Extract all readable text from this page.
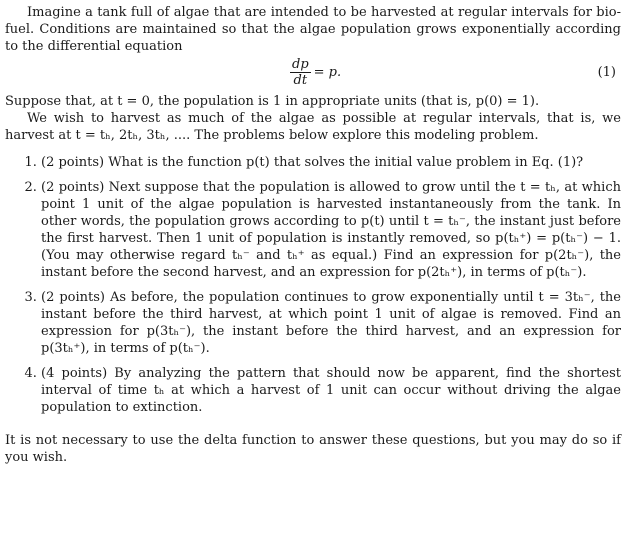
Imagine a tank full of algae that are intended to be harvested at regular intervals for bio-fuel. Conditions are maintained so that the algae population grows exponentially according to the differential equation

$\frac{dp}{dt} = p$.	(1)

Suppose that, at t = 0, the population is 1 in appropriate units (that is, p(0) = 1).

We wish to harvest as much of the algae as possible at regular intervals, that is, we harvest at t = tₕ, 2tₕ, 3tₕ, .... The problems below explore this modeling problem.

1. (2 points) What is the function p(t) that solves the initial value problem in Eq. (1)?
2. (2 points) Next suppose that the population is allowed to grow until the t = tₕ, at which point 1 unit of the algae population is harvested instantaneously from the tank. In other words, the population grows according to p(t) until t = tₕ⁻, the instant just before the first harvest. Then 1 unit of population is instantly removed, so p(tₕ⁺) = p(tₕ⁻) − 1. (You may otherwise regard tₕ⁻ and tₕ⁺ as equal.) Find an expression for p(2tₕ⁻), the instant before the second harvest, and an expression for p(2tₕ⁺), in terms of p(tₕ⁻).
3. (2 points) As before, the population continues to grow exponentially until t = 3tₕ⁻, the instant before the third harvest, at which point 1 unit of algae is removed. Find an expression for p(3tₕ⁻), the instant before the third harvest, and an expression for p(3tₕ⁺), in terms of p(tₕ⁻).
4. (4 points) By analyzing the pattern that should now be apparent, find the shortest interval of time tₕ at which a harvest of 1 unit can occur without driving the algae population to extinction.

It is not necessary to use the delta function to answer these questions, but you may do so if you wish.
